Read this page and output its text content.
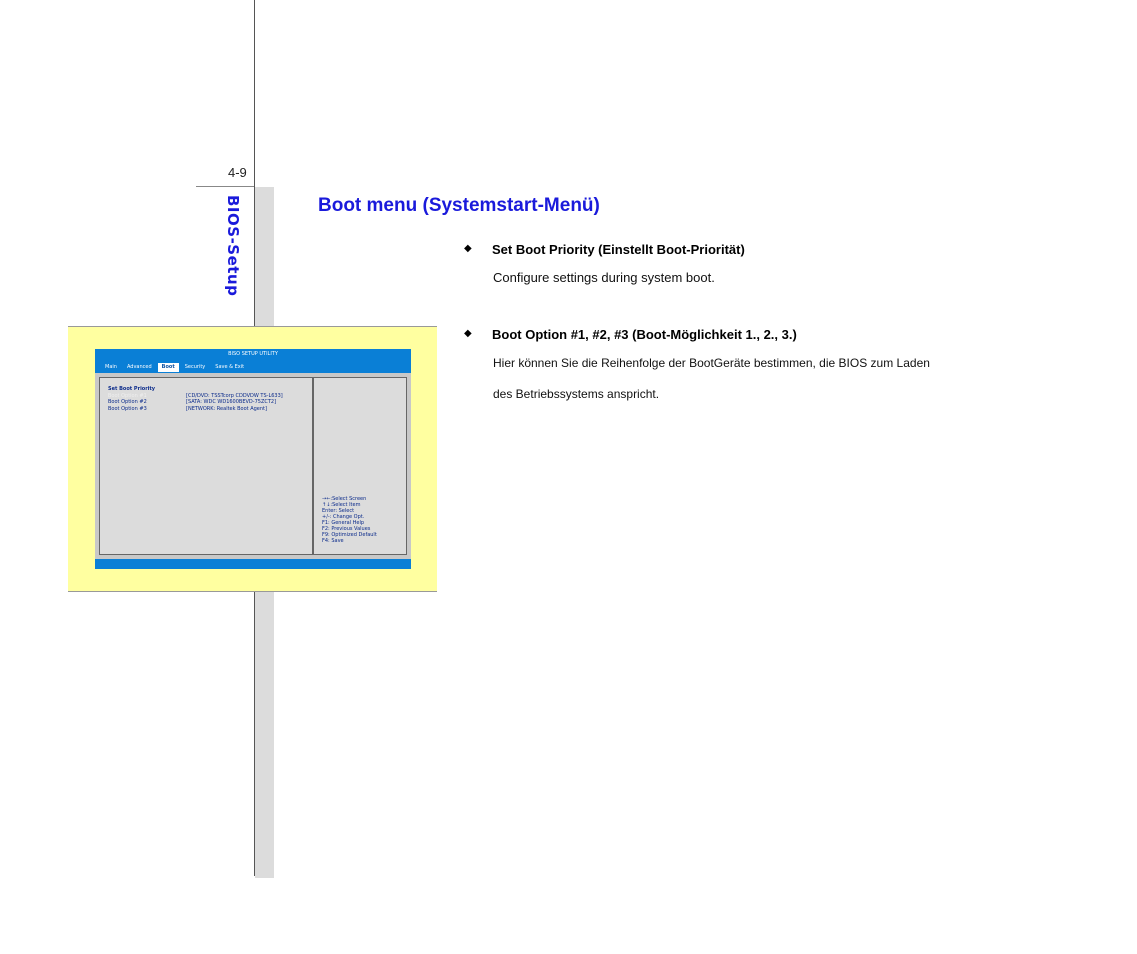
4-9
BIOS-Setup	Boot menu (Systemstart-Menü)
◆ Set Boot Priority (Einstellt Boot-Priorität)
Configure settings during system boot.
◆ Boot Option #1, #2, #3 (Boot-Möglichkeit 1., 2., 3.)
Hier können Sie die Reihenfolge der BootGeräte bestimmen, die BIOS zum Laden
des Betriebssystems anspricht.
BISO SETUP UTILITY
Main	Advanced	Boot	Security	Save & Exit
Set Boot Priority
Boot Option #1	[CD/DVD: TSSTcorp CDDVDW TS-L633]
Boot Option #2	[SATA: WDC WD1600BEVD-75ZCT2]
Boot Option #3	[NETWORK: Realtek Boot Agent]
→←:Select Screen
↑↓:Select Item
Enter: Select
+/-: Change Opt.
F1: General Help
F2: Previous Values
F9: Optimized Default
F4: Save
